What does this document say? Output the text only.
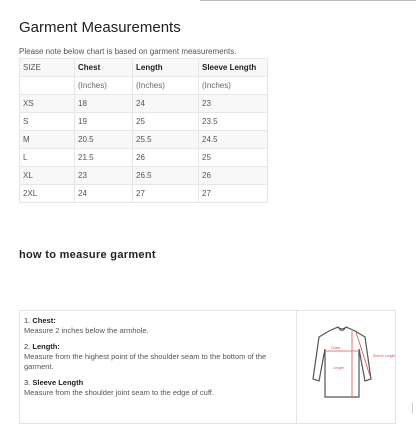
Garment Measurements

Please note below chart is based on garment measurements.

SIZE	Chest	Length	Sleeve Length
	(Inches)	(Inches)	(Inches)
XS	18	24	23
S	19	25	23.5
M	20.5	25.5	24.5
L	21.5	26	25
XL	23	26.5	26
2XL	24	27	27
how to measure garment
1. Chest:
Measure 2 inches below the armhole.
2. Length:
Measure from the highest point of the shoulder seam to the bottom of the garment.
3. Sleeve Length
Measure from the shoulder joint seam to the edge of cuff.
Chest
Length
Sleeve Length
|
